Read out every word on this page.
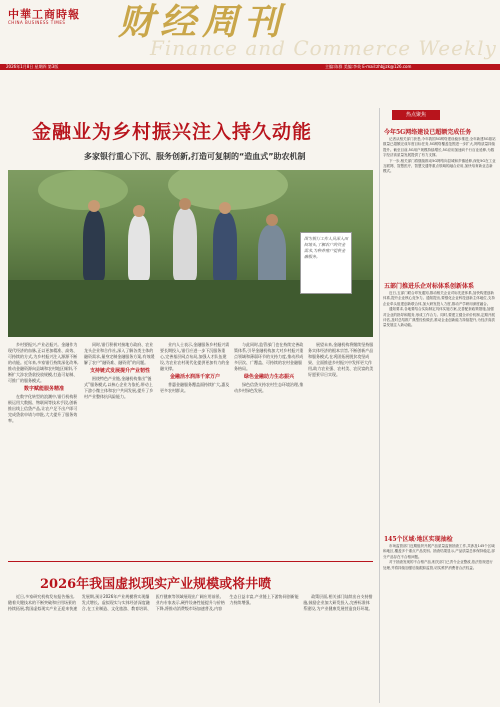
中華工商時報
CHINA BUSINESS TIMES 财经周刊
Finance and Commerce Weekly
2026年1月8日 星期四 第3版	主编:陈群 美编:李英 E-mail:zhbjjzk@126.com
金融业为乡村振兴注入持久动能
多家银行重心下沉、服务创新,打造可复制的“造血式”助农机制

图为银行工作人员深入田间地头,了解农户的资金需求,为种养殖户提供金融服务。

乡村要振兴,产业必振兴。金融作为现代经济的血脉,正以更加精准、高效、可持续的方式,为乡村振兴注入源源不断的动能。近年来,多家银行持续深化改革,推动金融资源向县域和农村地区倾斜,不断扩大涉农贷款投放规模,打造可复制、可推广的服务模式。

数字赋能服务精准

在数字化转型的浪潮中,银行机构积极运用大数据、物联网等技术手段,创新推出线上信贷产品,让农户足不出户即可完成贷款申请与审批,大大提升了服务效率。

同时,银行积极对接地方政府、农业龙头企业和合作社,深入了解各类主体的融资需求,量身定制金融服务方案,有效缓解了农户“融资难、融资贵”的问题。

支持链式发展提升产业韧性

围绕特色产业链,金融机构推出“链式”服务模式,以核心企业为依托,带动上下游小微主体和农户共同发展,提升了乡村产业整体抗风险能力。

业内人士表示,金融服务乡村振兴需要长期投入,银行应进一步下沉服务重心,完善基层网点布局,加强人才队伍建设,为农业农村现代化提供更加有力的金融支撑。

金融活水润泽千家万户

普惠金融服务覆盖面持续扩大,惠及更多农村群众。

与此同时,监管部门也在持续完善政策体系,引导金融机构加大对乡村振兴重点领域和薄弱环节的支持力度,推动形成多层次、广覆盖、可持续的农村金融服务格局。

绿色金融助力生态振兴

绿色信贷支持农村生态环境治理,推动乡村绿色发展。

展望未来,金融机构将继续坚持服务实体经济的根本宗旨,不断创新产品和服务模式,在巩固拓展脱贫攻坚成果、全面推进乡村振兴中发挥更大作用,助力农业强、农村美、农民富的美好愿景早日实现。

2026年我国虚拟现实产业规模或将井喷

近日,多家研究机构发布报告指出,随着关键技术的不断突破和应用场景的持续拓展,我国虚拟现实产业正迎来快速发展期,预计2026年产业规模将实现爆发式增长。虚拟现实与实体经济深度融合,在工业制造、文化旅游、教育培训、医疗健康等领域展现出广阔应用前景。业内专家表示,硬件设备性能提升与价格下降,将推动消费级市场加速普及,内容生态日益丰富,产业链上下游协同创新能力持续增强。

政策层面,相关部门陆续出台支持措施,鼓励企业加大研发投入,完善标准体系建设,为产业健康发展营造良好环境。

热点聚焦
今年5G网络建设已超额完成任务

记者从相关部门获悉,今年我国5G网络建设稳步推进,全年新建5G基站数量已超额完成年度目标任务,5G网络覆盖范围进一步扩大,网络质量持续提升。截至目前,5G用户规模持续增长,5G应用加速向千行百业延伸,为数字经济高质量发展提供了有力支撑。

下一步,相关部门将继续推动5G网络向县城和乡镇延伸,深化5G在工业互联网、智慧医疗、智慧交通等重点领域的融合应用,加快培育新业态新模式。

五部门推进乐企对标体系创新体系

近日,五部门联合印发通知,推动相关企业对标先进体系,加快构建创新体系,提升企业核心竞争力。通知提出,要强化企业科技创新主体地位,支持企业牵头组建创新联合体,加大研发投入力度,推动产学研用深度融合。

通知要求,各地要结合实际制定具体实施方案,完善配套政策措施,加强对企业的指导和服务,形成工作合力。同时,要建立健全评价机制,定期开展评估,及时总结推广典型经验做法,推动企业创新能力持续提升,为经济高质量发展注入新动能。

145个区域·地区实现抽检

市场监管部门近期组织开展产品质量监督抽查工作,共涉及145个区域和地区,覆盖多个重点产品类别。抽查结果显示,产品质量总体保持稳定,部分产品存在不合格问题。

对于抽查发现的不合格产品,相关部门已责令企业整改,依法依规进行处理,并将持续加强后续跟踪监管,切实维护消费者合法权益。
